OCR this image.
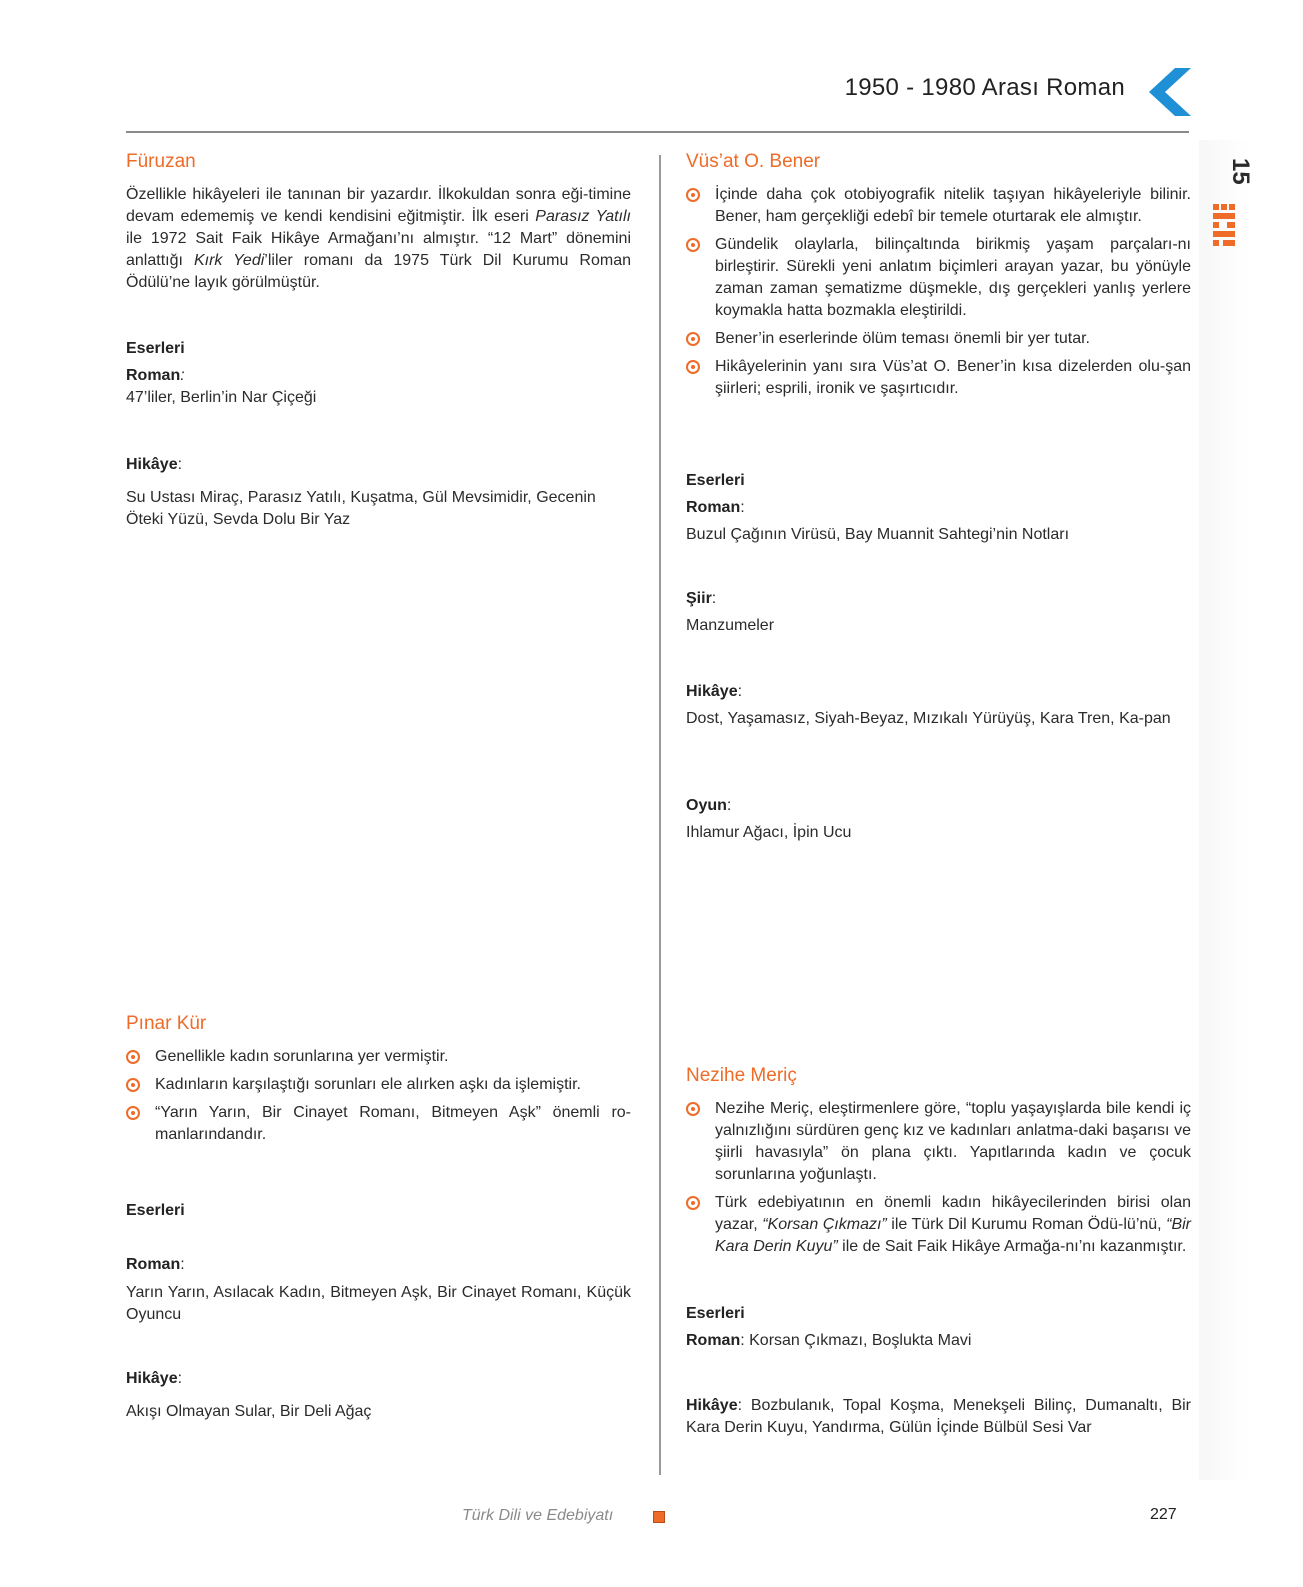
1950 - 1980 Arası Roman
15
Füruzan

Özellikle hikâyeleri ile tanınan bir yazardır. İlkokuldan sonra eği-timine devam edememiş ve kendi kendisini eğitmiştir. İlk eseri Parasız Yatılı ile 1972 Sait Faik Hikâye Armağanı’nı almıştır. “12 Mart” dönemini anlattığı Kırk Yedi’liler romanı da 1975 Türk Dil Kurumu Roman Ödülü’ne layık görülmüştür.

Eserleri
Roman:
47’liler, Berlin’in Nar Çiçeği
Hikâye:
Su Ustası Miraç, Parasız Yatılı, Kuşatma, Gül Mevsimidir, Gecenin Öteki Yüzü, Sevda Dolu Bir Yaz
Pınar Kür
Genellikle kadın sorunlarına yer vermiştir.
Kadınların karşılaştığı sorunları ele alırken aşkı da işlemiştir.
“Yarın Yarın, Bir Cinayet Romanı, Bitmeyen Aşk” önemli ro-manlarındandır.
Eserleri
Roman:
Yarın Yarın, Asılacak Kadın, Bitmeyen Aşk, Bir Cinayet Romanı, Küçük Oyuncu
Hikâye:
Akışı Olmayan Sular, Bir Deli Ağaç
Vüs’at O. Bener
İçinde daha çok otobiyografik nitelik taşıyan hikâyeleriyle bilinir. Bener, ham gerçekliği edebî bir temele oturtarak ele almıştır.
Gündelik olaylarla, bilinçaltında birikmiş yaşam parçaları-nı birleştirir. Sürekli yeni anlatım biçimleri arayan yazar, bu yönüyle zaman zaman şematizme düşmekle, dış gerçekleri yanlış yerlere koymakla hatta bozmakla eleştirildi.
Bener’in eserlerinde ölüm teması önemli bir yer tutar.
Hikâyelerinin yanı sıra Vüs’at O. Bener’in kısa dizelerden olu-şan şiirleri; esprili, ironik ve şaşırtıcıdır.
Eserleri
Roman:
Buzul Çağının Virüsü, Bay Muannit Sahtegi’nin Notları
Şiir:
Manzumeler
Hikâye:
Dost, Yaşamasız, Siyah-Beyaz, Mızıkalı Yürüyüş, Kara Tren, Ka-pan
Oyun:
Ihlamur Ağacı, İpin Ucu
Nezihe Meriç
Nezihe Meriç, eleştirmenlere göre, “toplu yaşayışlarda bile kendi iç yalnızlığını sürdüren genç kız ve kadınları anlatma-daki başarısı ve şiirli havasıyla” ön plana çıktı. Yapıtlarında kadın ve çocuk sorunlarına yoğunlaştı.
Türk edebiyatının en önemli kadın hikâyecilerinden birisi olan yazar, “Korsan Çıkmazı” ile Türk Dil Kurumu Roman Ödü-lü’nü, “Bir Kara Derin Kuyu” ile de Sait Faik Hikâye Armağa-nı’nı kazanmıştır.
Eserleri
Roman: Korsan Çıkmazı, Boşlukta Mavi
Hikâye: Bozbulanık, Topal Koşma, Menekşeli Bilinç, Dumanaltı, Bir Kara Derin Kuyu, Yandırma, Gülün İçinde Bülbül Sesi Var
Türk Dili ve Edebiyatı	227
